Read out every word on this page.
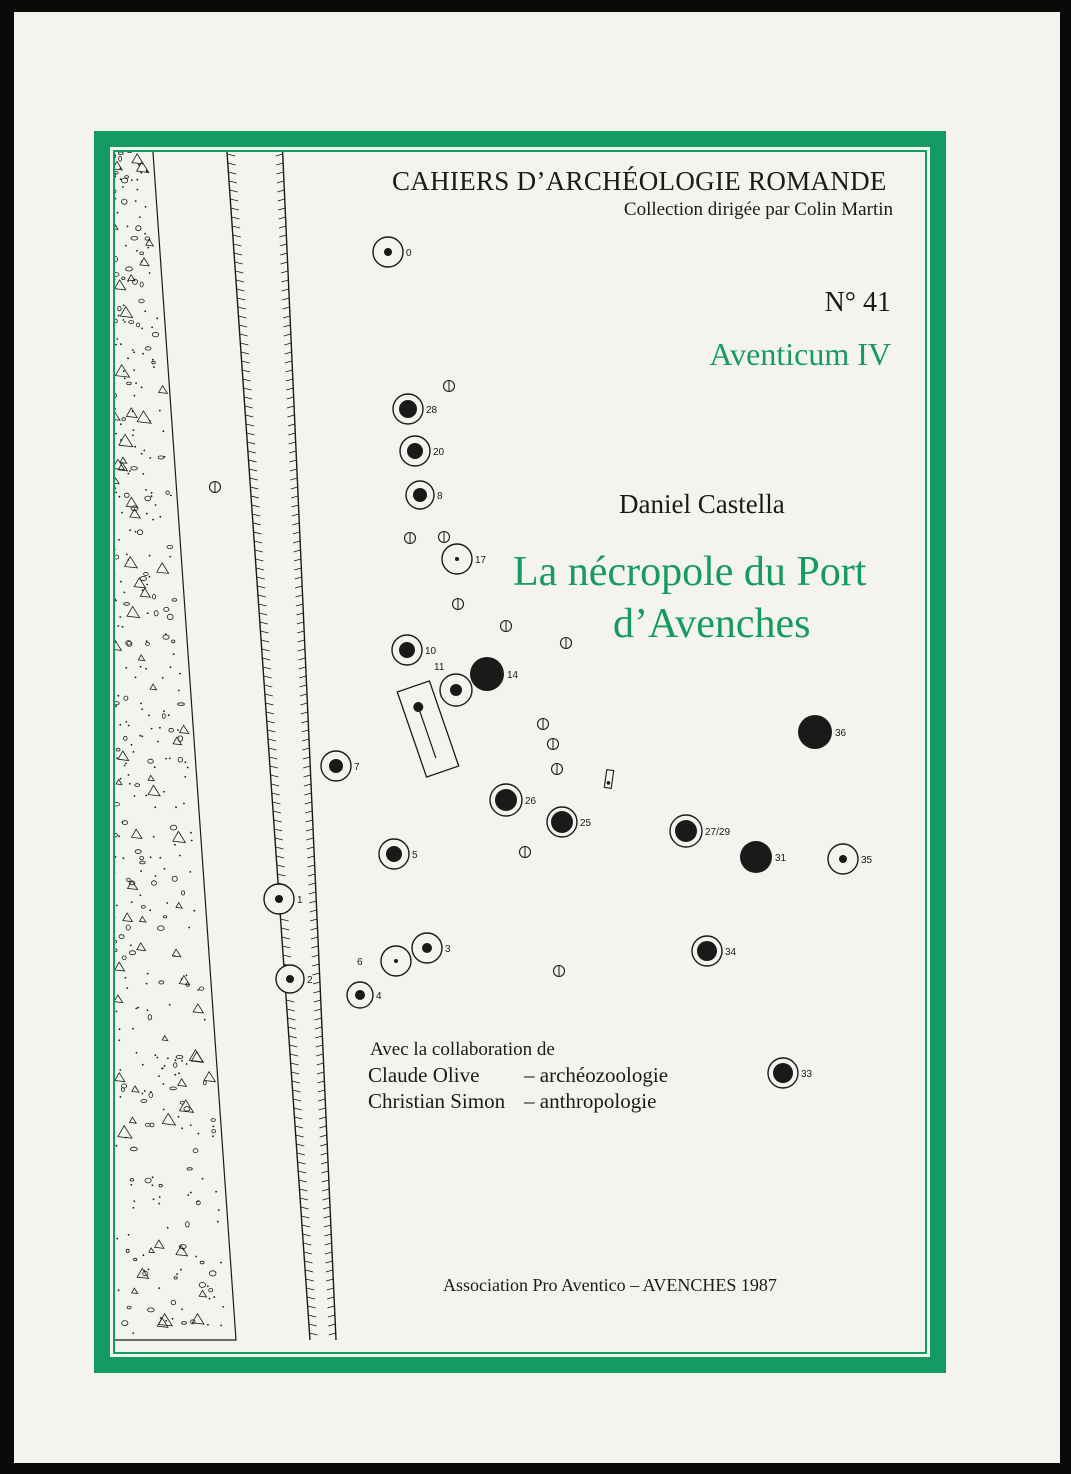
0
28
20
8
17
10
11
14
36
7
26
25
27/29
5	31	35
1
6
3	34
2
4
33
CAHIERS D’ARCHÉOLOGIE ROMANDE
Collection dirigée par Colin Martin
N° 41
Aventicum IV
Daniel Castella
La nécropole du Port
d’Avenches
Avec la collaboration de
Claude Olive – archéozoologie
Christian Simon – anthropologie
Association Pro Aventico – AVENCHES 1987
